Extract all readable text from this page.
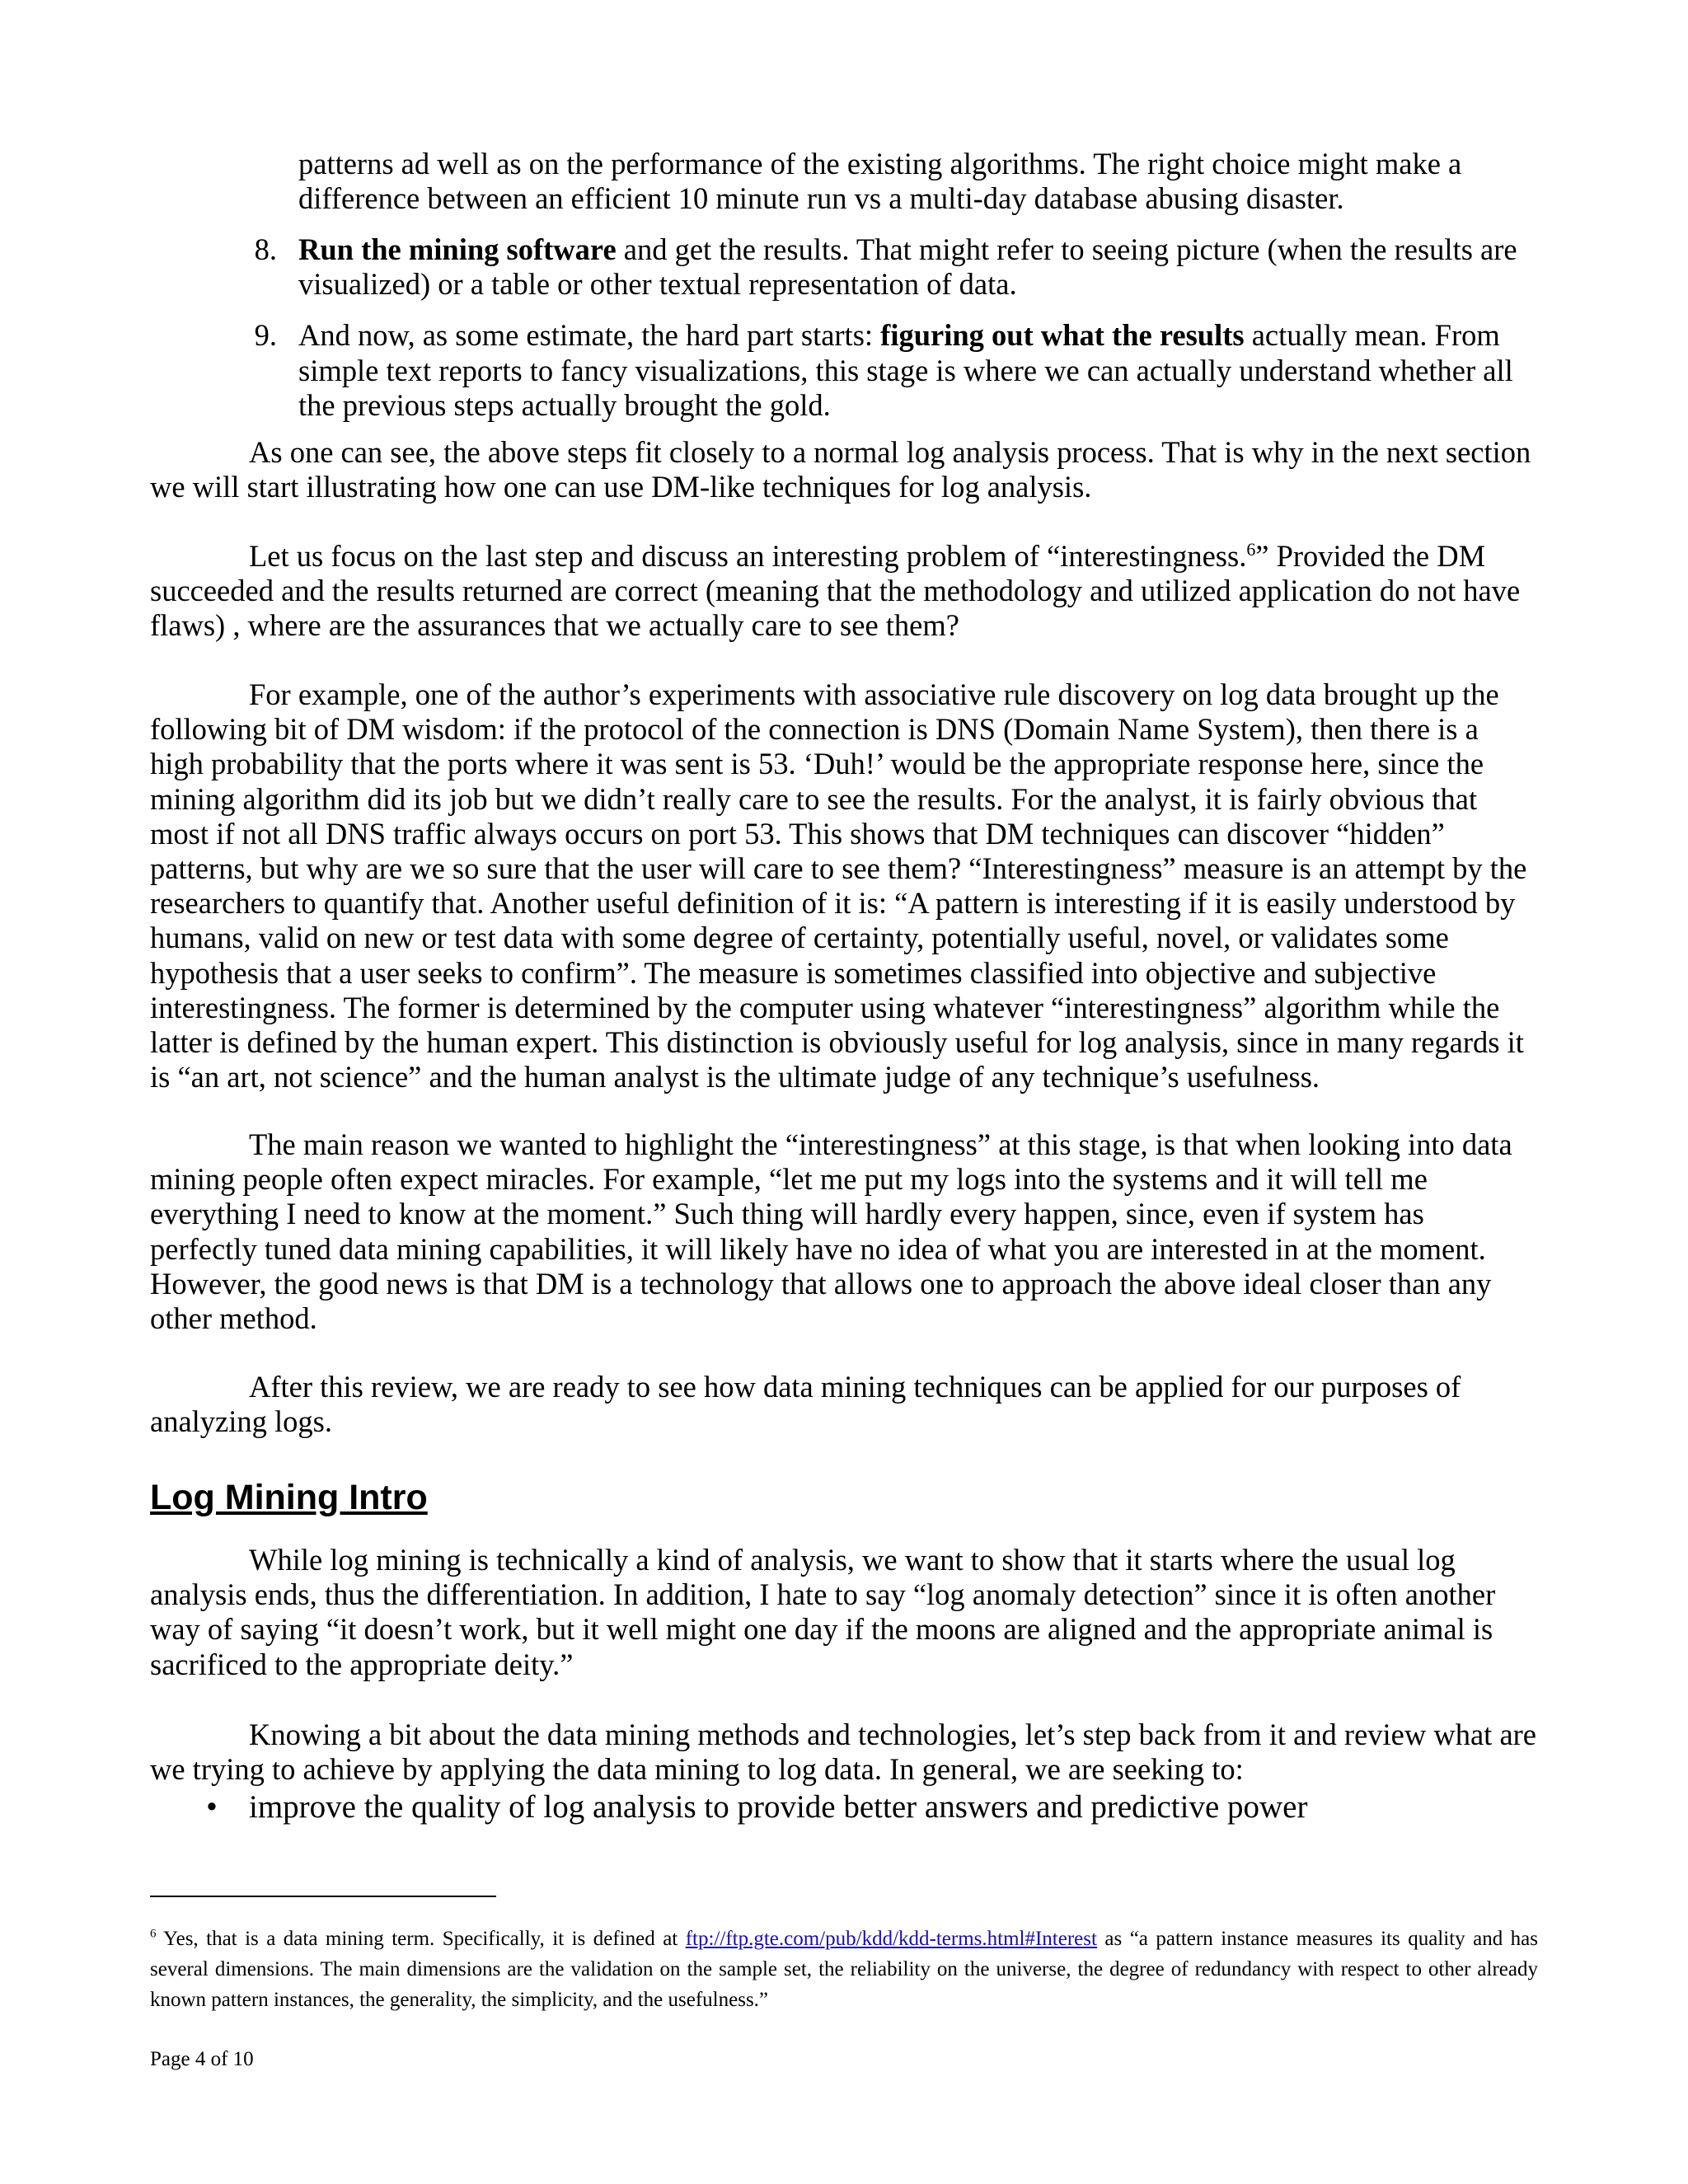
patterns ad well as on the performance of the existing algorithms. The right choice might make a

difference between an efficient 10 minute run vs a multi-day database abusing disaster.

8. Run the mining software and get the results. That might refer to seeing picture (when the results are visualized) or a table or other textual representation of data.
9. And now, as some estimate, the hard part starts: figuring out what the results actually mean. From simple text reports to fancy visualizations, this stage is where we can actually understand whether all the previous steps actually brought the gold.

As one can see, the above steps fit closely to a normal log analysis process. That is why in the next section we will start illustrating how one can use DM-like techniques for log analysis.

Let us focus on the last step and discuss an interesting problem of “interestingness.$^6$” Provided the DM succeeded and the results returned are correct (meaning that the methodology and utilized application do not have flaws) , where are the assurances that we actually care to see them?

For example, one of the author’s experiments with associative rule discovery on log data brought up the following bit of DM wisdom: if the protocol of the connection is DNS (Domain Name System), then there is a high probability that the ports where it was sent is 53. ‘Duh!’ would be the appropriate response here, since the mining algorithm did its job but we didn’t really care to see the results. For the analyst, it is fairly obvious that most if not all DNS traffic always occurs on port 53. This shows that DM techniques can discover “hidden” patterns, but why are we so sure that the user will care to see them? “Interestingness” measure is an attempt by the researchers to quantify that. Another useful definition of it is: “A pattern is interesting if it is easily understood by humans, valid on new or test data with some degree of certainty, potentially useful, novel, or validates some hypothesis that a user seeks to confirm”. The measure is sometimes classified into objective and subjective interestingness. The former is determined by the computer using whatever “interestingness” algorithm while the latter is defined by the human expert. This distinction is obviously useful for log analysis, since in many regards it is “an art, not science” and the human analyst is the ultimate judge of any technique’s usefulness.

The main reason we wanted to highlight the “interestingness” at this stage, is that when looking into data mining people often expect miracles. For example, “let me put my logs into the systems and it will tell me everything I need to know at the moment.” Such thing will hardly every happen, since, even if system has perfectly tuned data mining capabilities, it will likely have no idea of what you are interested in at the moment. However, the good news is that DM is a technology that allows one to approach the above ideal closer than any other method.

After this review, we are ready to see how data mining techniques can be applied for our purposes of analyzing logs.

Log Mining Intro

While log mining is technically a kind of analysis, we want to show that it starts where the usual log analysis ends, thus the differentiation. In addition, I hate to say “log anomaly detection” since it is often another way of saying “it doesn’t work, but it well might one day if the moons are aligned and the appropriate animal is sacrificed to the appropriate deity.”

Knowing a bit about the data mining methods and technologies, let’s step back from it and review what are we trying to achieve by applying the data mining to log data. In general, we are seeking to:

• improve the quality of log analysis to provide better answers and predictive power

$^6$ Yes, that is a data mining term. Specifically, it is defined at ftp://ftp.gte.com/pub/kdd/kdd-terms.html#Interest as “a pattern instance measures its quality and has several dimensions. The main dimensions are the validation on the sample set, the reliability on the universe, the degree of redundancy with respect to other already known pattern instances, the generality, the simplicity, and the usefulness.”

Page 4 of 10
